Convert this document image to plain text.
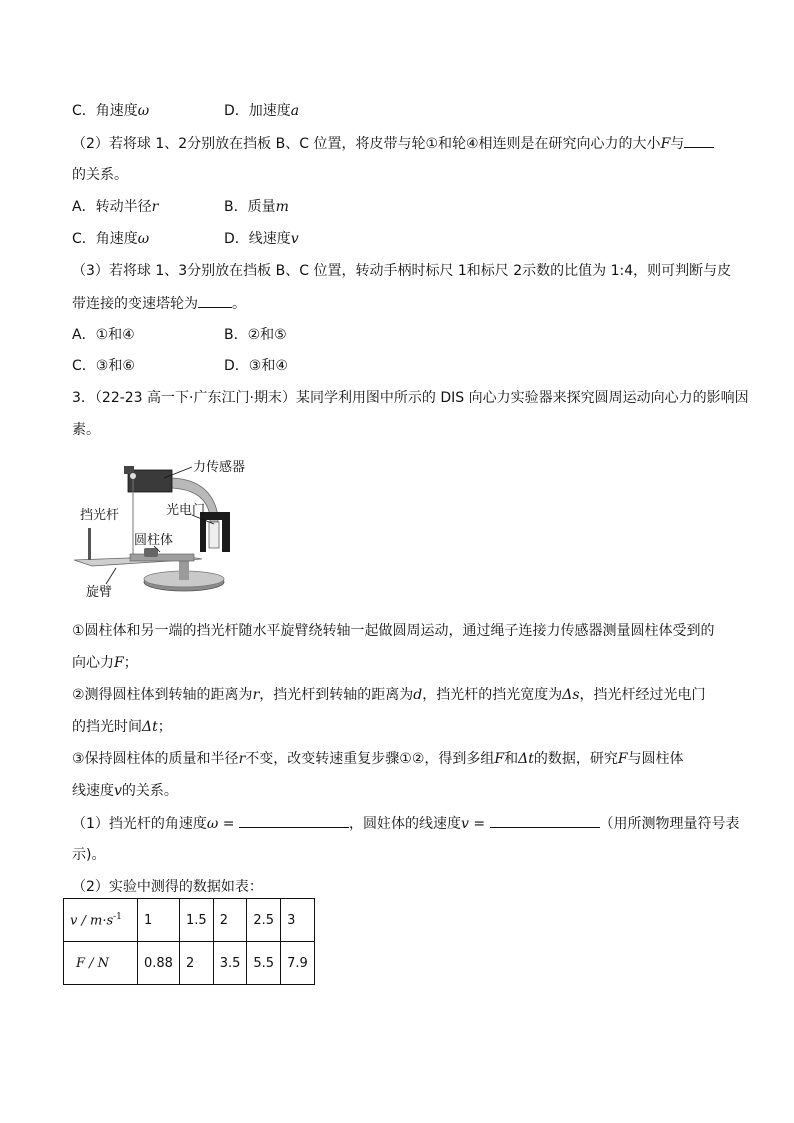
C．角速度ω	D．加速度a
（2）若将球 1、2分别放在挡板 B、C 位置，将皮带与轮①和轮④相连则是在研究向心力的大小F与
的关系。
A．转动半径r	B．质量m
C．角速度ω	D．线速度v
（3）若将球 1、3分别放在挡板 B、C 位置，转动手柄时标尺 1和标尺 2示数的比值为 1:4，则可判断与皮
带连接的变速塔轮为 。
A．①和④	B．②和⑤
C．③和⑥	D．③和④
3．（22-23 高一下·广东江门·期末）某同学利用图中所示的 DIS 向心力实验器来探究圆周运动向心力的影响因
素。
力传感器
挡光杆	光电门
圆柱体
旋臂
①圆柱体和另一端的挡光杆随水平旋臂绕转轴一起做圆周运动，通过绳子连接力传感器测量圆柱体受到的
向心力F；
②测得圆柱体到转轴的距离为r，挡光杆到转轴的距离为d，挡光杆的挡光宽度为Δs，挡光杆经过光电门
的挡光时间Δt；
③保持圆柱体的质量和半径r不变，改变转速重复步骤①②，得到多组F和Δt的数据，研究F与圆柱体
线速度v的关系。
（1）挡光杆的角速度ω =	，圆妵体的线速度v =	（用所测物理量符号表
示)。
（2）实验中测得的数据如表：
$v / m\cdot s^{-1}$	1	1.5	2	2.5	3
F / N	0.88	2	3.5	5.5	7.9
